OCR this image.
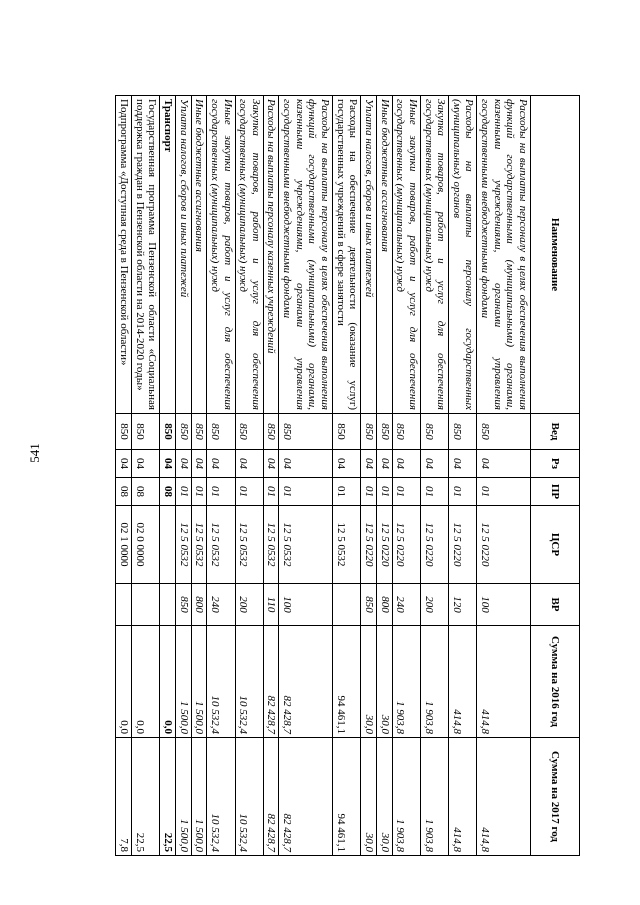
541
Наименование	Вед	Рз	ПР	ЦСР	ВР	Сумма на 2016 год	Сумма на 2017 год
Расходы на выплаты персоналу в целях обеспечения выполнения функций государственными (муниципальными) органами, казенными учреждениями, органами управления государственными внебюджетными фондами	850	04	01	12 5 0220	100	414,8	414,8
Расходы на выплаты персоналу государственных (муниципальных) органов	850	04	01	12 5 0220	120	414,8	414,8
Закупка товаров, работ и услуг для обеспечения государственных (муниципальных) нужд	850	04	01	12 5 0220	200	1 903,8	1 903,8
Иные закупки товаров, работ и услуг для обеспечения государственных (муниципальных) нужд	850	04	01	12 5 0220	240	1 903,8	1 903,8
Иные бюджетные ассигнования	850	04	01	12 5 0220	800	30,0	30,0
Уплата налогов, сборов и иных платежей	850	04	01	12 5 0220	850	30,0	30,0
Расходы на обеспечение деятельности (оказание услуг) государственных учреждений в сфере занятости	850	04	01	12 5 0532		94 461,1	94 461,1
Расходы на выплаты персоналу в целях обеспечения выполнения функций государственными (муниципальными) органами, казенными учреждениями, органами управления государственными внебюджетными фондами	850	04	01	12 5 0532	100	82 428,7	82 428,7
Расходы на выплаты персоналу казенных учреждений	850	04	01	12 5 0532	110	82 428,7	82 428,7
Закупка товаров, работ и услуг для обеспечения государственных (муниципальных) нужд	850	04	01	12 5 0532	200	10 532,4	10 532,4
Иные закупки товаров, работ и услуг для обеспечения государственных (муниципальных) нужд	850	04	01	12 5 0532	240	10 532,4	10 532,4
Иные бюджетные ассигнования	850	04	01	12 5 0532	800	1 500,0	1 500,0
Уплата налогов, сборов и иных платежей	850	04	01	12 5 0532	850	1 500,0	1 500,0
Транспорт	850	04	08			0,0	22,5
Государственная программа Пензенской области «Социальная поддержка граждан в Пензенской области на 2014-2020 годы»	850	04	08	02 0 0000		0,0	22,5
Подпрограмма «Доступная среда в Пензенской области»	850	04	08	02 1 0000		0,0	7,8
